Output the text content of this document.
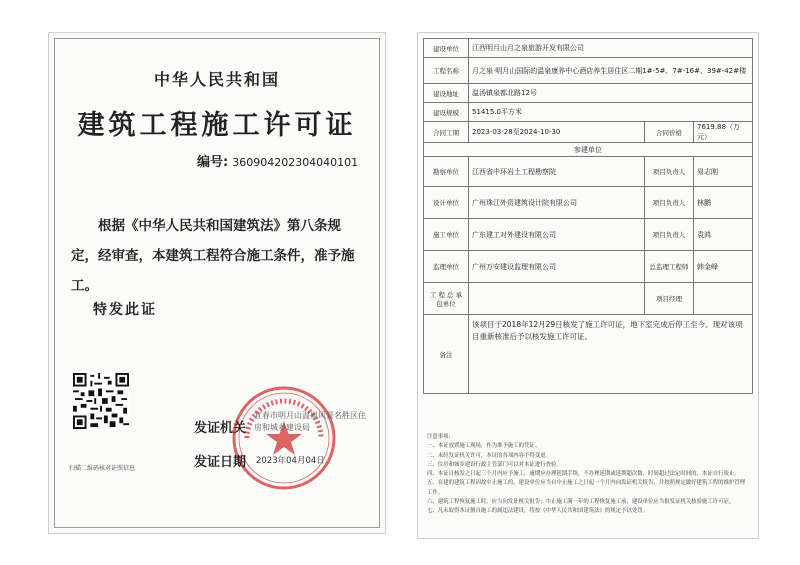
中华人民共和国
建筑工程施工许可证
编号: 360904202304040101
根据《中华人民共和国建筑法》第八条规定，经审查，本建筑工程符合施工条件，准予施工。
特发此证
扫描二维码核对证照信息
发证机关
宜春市明月山温泉风景名胜区住房和城乡建设局
发证日期 2023年04月04日
建设单位	江西明月山月之泉旅游开发有限公司		
工程名称	月之泉·明月山国际的温泉康养中心酒店养生居住区二期1#-5#、7#-16#、39#-42#楼		
建设地址	温汤镇泉都北路12号		
建设规模	51415.0平方米		
合同工期	2023-03-28至2024-10-30	合同价格	7619.88（万元）
参建单位			
勘察单位	江西省中环岩土工程勘察院	项目负责人	易志刚
设计单位	广州珠江外资建筑设计院有限公司	项目负责人	林鹏
施工单位	广东建工对外建设有限公司	项目负责人	袁鸿
监理单位	广州万安建设监理有限公司	总监理工程师	韩金峰
工 程 总 承包单位		项目经理	
备注	该项目于2018年12月29日核发了施工许可证，地下室完成后停工至今。现对该项目重新核准后予以核发施工许可证。		
注意事项:
一、本证放置施工现场，作为准予施工的凭证。
二、未经发证机关许可，本证的各项内容不得变更。
三、住房和城乡建设行政主管部门可以对本证进行查验。
四、本证自核发之日起三个月内应予施工，逾期应办理延期手续，不办理延期或延期超次数、时间超过法定时间的，本证自行废止。
五、在建的建筑工程因故中止施工的，建设单位应当自中止施工之日起一个月内向发证机关报告，并按照规定做好建筑工程的维护管理工作。
六、建筑工程恢复施工时，应当向发证机关报告；中止施工满一年的工程恢复施工前，建设单位应当报发证机关核验施工许可证。
七、凡未取得本证擅自施工的属违法建设，将按《中华人民共和国建筑法》的规定予以处罚。
